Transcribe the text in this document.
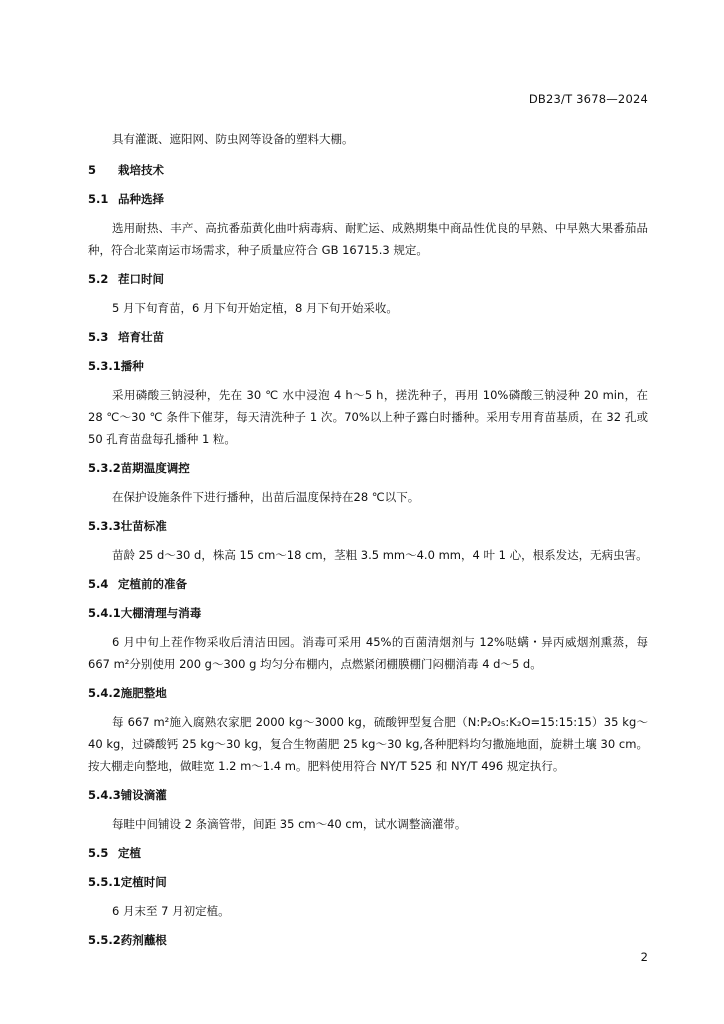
DB23/T 3678—2024

具有灌溉、遮阳网、防虫网等设备的塑料大棚。

5 栽培技术
5.1 品种选择

选用耐热、丰产、高抗番茄黄化曲叶病毒病、耐贮运、成熟期集中商品性优良的早熟、中早熟大果番茄品种，符合北菜南运市场需求，种子质量应符合 GB 16715.3 规定。

5.2 茬口时间

5 月下旬育苗，6 月下旬开始定植，8 月下旬开始采收。

5.3 培育壮苗
5.3.1播种

采用磷酸三钠浸种，先在 30 ℃ 水中浸泡 4 h～5 h，搓洗种子，再用 10%磷酸三钠浸种 20 min，在 28 ℃～30 ℃ 条件下催芽，每天清洗种子 1 次。70%以上种子露白时播种。采用专用育苗基质，在 32 孔或 50 孔育苗盘每孔播种 1 粒。

5.3.2苗期温度调控

在保护设施条件下进行播种，出苗后温度保持在28 ℃以下。

5.3.3壮苗标准

苗龄 25 d～30 d，株高 15 cm～18 cm，茎粗 3.5 mm～4.0 mm，4 叶 1 心，根系发达，无病虫害。

5.4 定植前的准备
5.4.1大棚清理与消毒

6 月中旬上茬作物采收后清洁田园。消毒可采用 45%的百菌清烟剂与 12%哒螨・异丙威烟剂熏蒸，每 667 m²分别使用 200 g～300 g 均匀分布棚内，点燃紧闭棚膜棚门闷棚消毒 4 d～5 d。

5.4.2施肥整地

每 667 m²施入腐熟农家肥 2000 kg～3000 kg，硫酸钾型复合肥（N:P₂O₅:K₂O=15:15:15）35 kg～40 kg，过磷酸钙 25 kg～30 kg，复合生物菌肥 25 kg～30 kg,各种肥料均匀撒施地面，旋耕土壤 30 cm。按大棚走向整地，做畦宽 1.2 m～1.4 m。肥料使用符合 NY/T 525 和 NY/T 496 规定执行。

5.4.3铺设滴灌

每畦中间铺设 2 条滴管带，间距 35 cm～40 cm，试水调整滴灌带。

5.5 定植
5.5.1定植时间

6 月末至 7 月初定植。

5.5.2药剂蘸根
2
